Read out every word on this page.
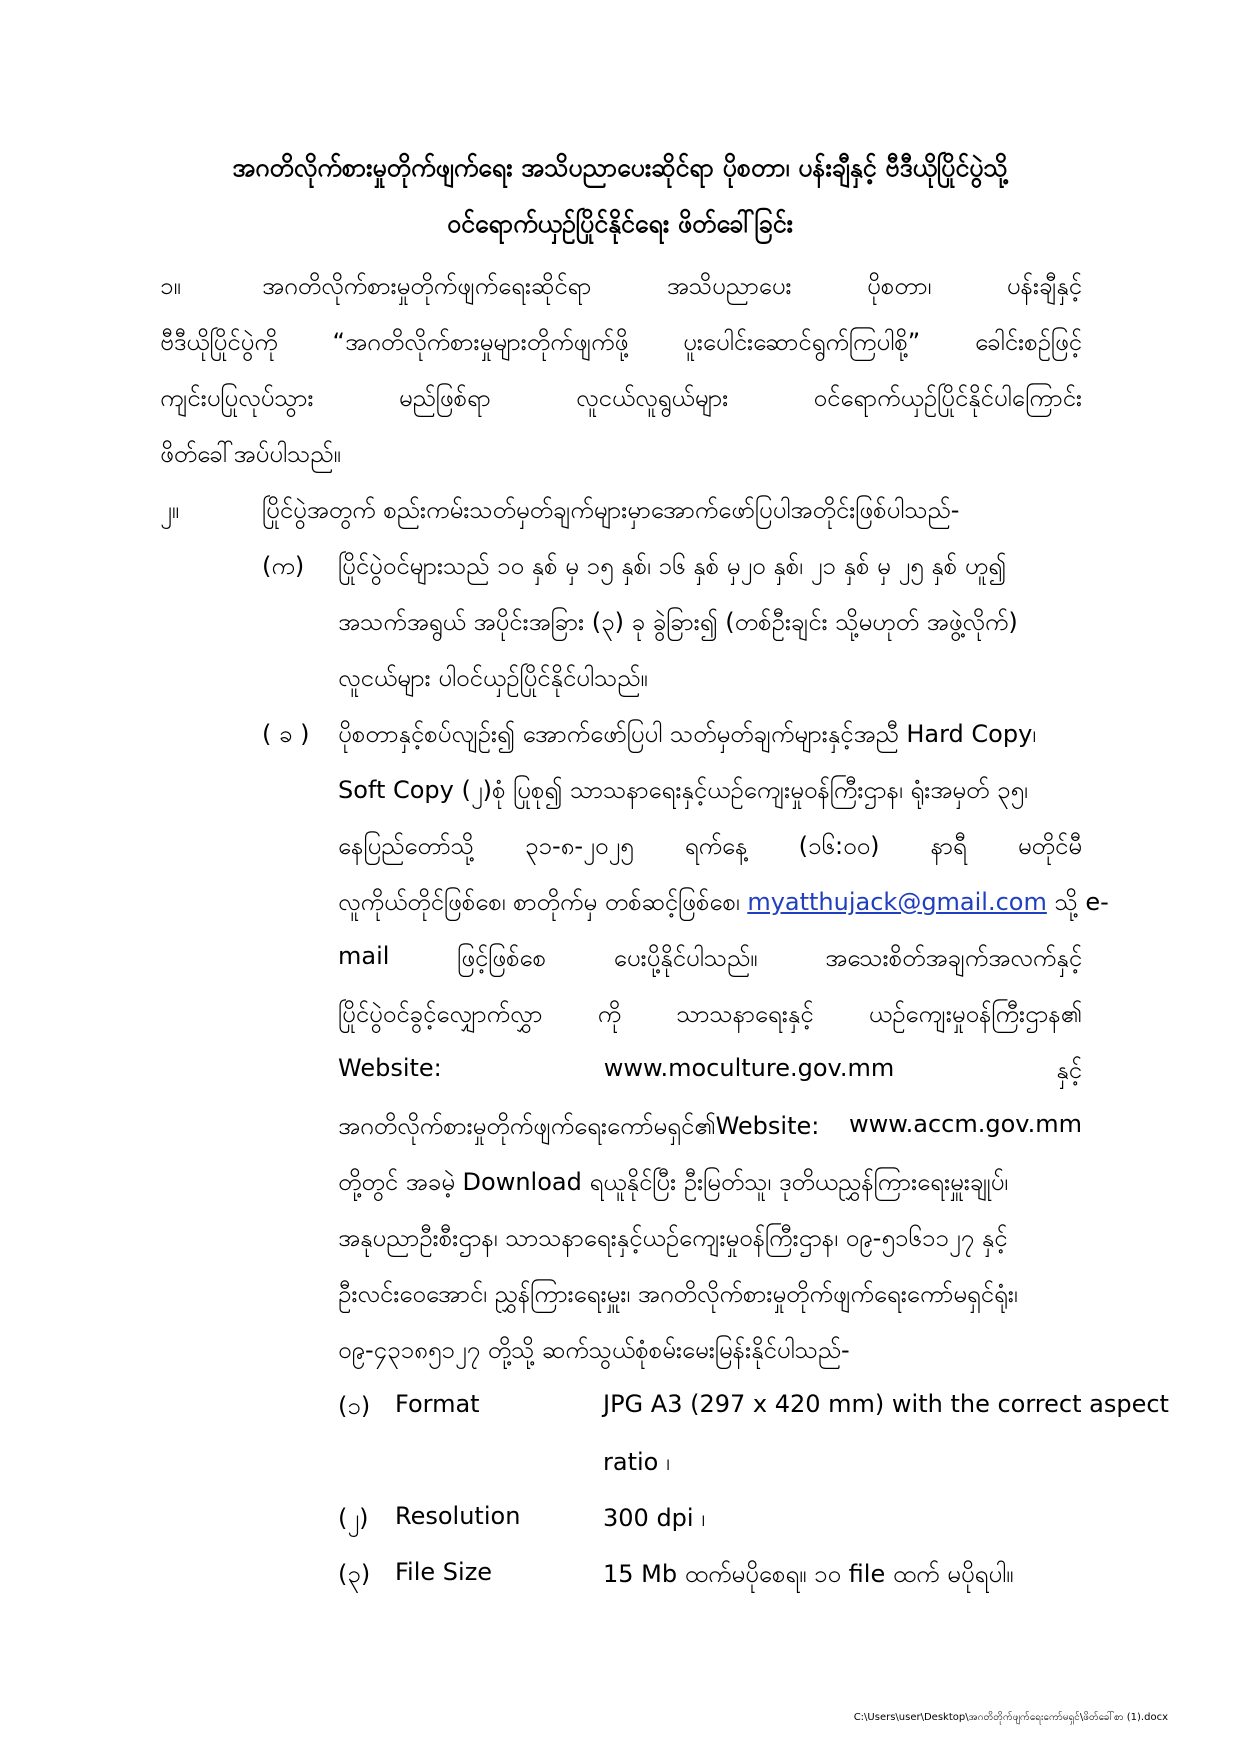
အဂတိလိုက်စားမှုတိုက်ဖျက်ရေး အသိပညာပေးဆိုင်ရာ ပိုစတာ၊ ပန်းချီနှင့် ဗီဒီယိုပြိုင်ပွဲသို့
ဝင်ရောက်ယှဉ်ပြိုင်နိုင်ရေး ဖိတ်ခေါ်ခြင်း
၁။	အဂတိလိုက်စားမှုတိုက်ဖျက်ရေးဆိုင်ရာ	အသိပညာပေး	ပိုစတာ၊	ပန်းချီနှင့်
ဗီဒီယိုပြိုင်ပွဲကို “အဂတိလိုက်စားမှုများတိုက်ဖျက်ဖို့ ပူးပေါင်းဆောင်ရွက်ကြပါစို့” ခေါင်းစဉ်ဖြင့်
ကျင်းပပြုလုပ်သွား	မည်ဖြစ်ရာ	လူငယ်လူရွယ်များ	ဝင်ရောက်ယှဉ်ပြိုင်နိုင်ပါကြောင်း
ဖိတ်ခေါ်အပ်ပါသည်။
၂။	ပြိုင်ပွဲအတွက် စည်းကမ်းသတ်မှတ်ချက်များမှာအောက်ဖော်ပြပါအတိုင်းဖြစ်ပါသည်-
(က) ပြိုင်ပွဲဝင်များသည် ၁၀ နှစ် မှ ၁၅ နှစ်၊ ၁၆ နှစ် မှ၂၀ နှစ်၊ ၂၁ နှစ် မှ ၂၅ နှစ် ဟူ၍
အသက်အရွယ် အပိုင်းအခြား (၃) ခု ခွဲခြား၍ (တစ်ဦးချင်း သို့မဟုတ် အဖွဲ့လိုက်)
လူငယ်များ ပါဝင်ယှဉ်ပြိုင်နိုင်ပါသည်။
( ခ ) ပိုစတာနှင့်စပ်လျဉ်း၍ အောက်ဖော်ပြပါ သတ်မှတ်ချက်များနှင့်အညီ Hard Copy၊
Soft Copy (၂)စုံ ပြုစု၍ သာသနာရေးနှင့်ယဉ်ကျေးမှုဝန်ကြီးဌာန၊ ရုံးအမှတ် ၃၅၊
နေပြည်တော်သို့ ၃၁-၈-၂၀၂၅ ရက်နေ့ (၁၆:၀၀) နာရီ မတိုင်မီ
လူကိုယ်တိုင်ဖြစ်စေ၊ စာတိုက်မှ တစ်ဆင့်ဖြစ်စေ၊ myatthujack@gmail.com သို့ e-
mail	ဖြင့်ဖြစ်စေ	ပေးပို့နိုင်ပါသည်။	အသေးစိတ်အချက်အလက်နှင့်
ပြိုင်ပွဲဝင်ခွင့်လျှောက်လွှာ ကို သာသနာရေးနှင့် ယဉ်ကျေးမှုဝန်ကြီးဌာန၏
Website:	www.moculture.gov.mm	နှင့်
အဂတိလိုက်စားမှုတိုက်ဖျက်ရေးကော်မရှင်၏Website: www.accm.gov.mm
တို့တွင် အခမဲ့ Download ရယူနိုင်ပြီး ဦးမြတ်သူ၊ ဒုတိယညွှန်ကြားရေးမှူးချုပ်၊
အနုပညာဦးစီးဌာန၊ သာသနာရေးနှင့်ယဉ်ကျေးမှုဝန်ကြီးဌာန၊ ၀၉-၅၁၆၁၁၂၇ နှင့်
ဦးလင်းဝေအောင်၊ ညွှန်ကြားရေးမှူး၊ အဂတိလိုက်စားမှုတိုက်ဖျက်ရေးကော်မရှင်ရုံး၊
၀၉-၄၃၁၈၅၁၂၇ တို့သို့ ဆက်သွယ်စုံစမ်းမေးမြန်းနိုင်ပါသည်-
(၁) Format	JPG A3 (297 x 420 mm) with the correct aspect
ratio ၊
(၂) Resolution	300 dpi ၊
(၃) File Size	15 Mb ထက်မပိုစေရ။ ၁၀ file ထက် မပိုရပါ။
C:\Users\user\Desktop\အဂတိတိုက်ဖျက်ရေးကော်မရှင်\ဖိတ်ခေါ်စာ (1).docx
